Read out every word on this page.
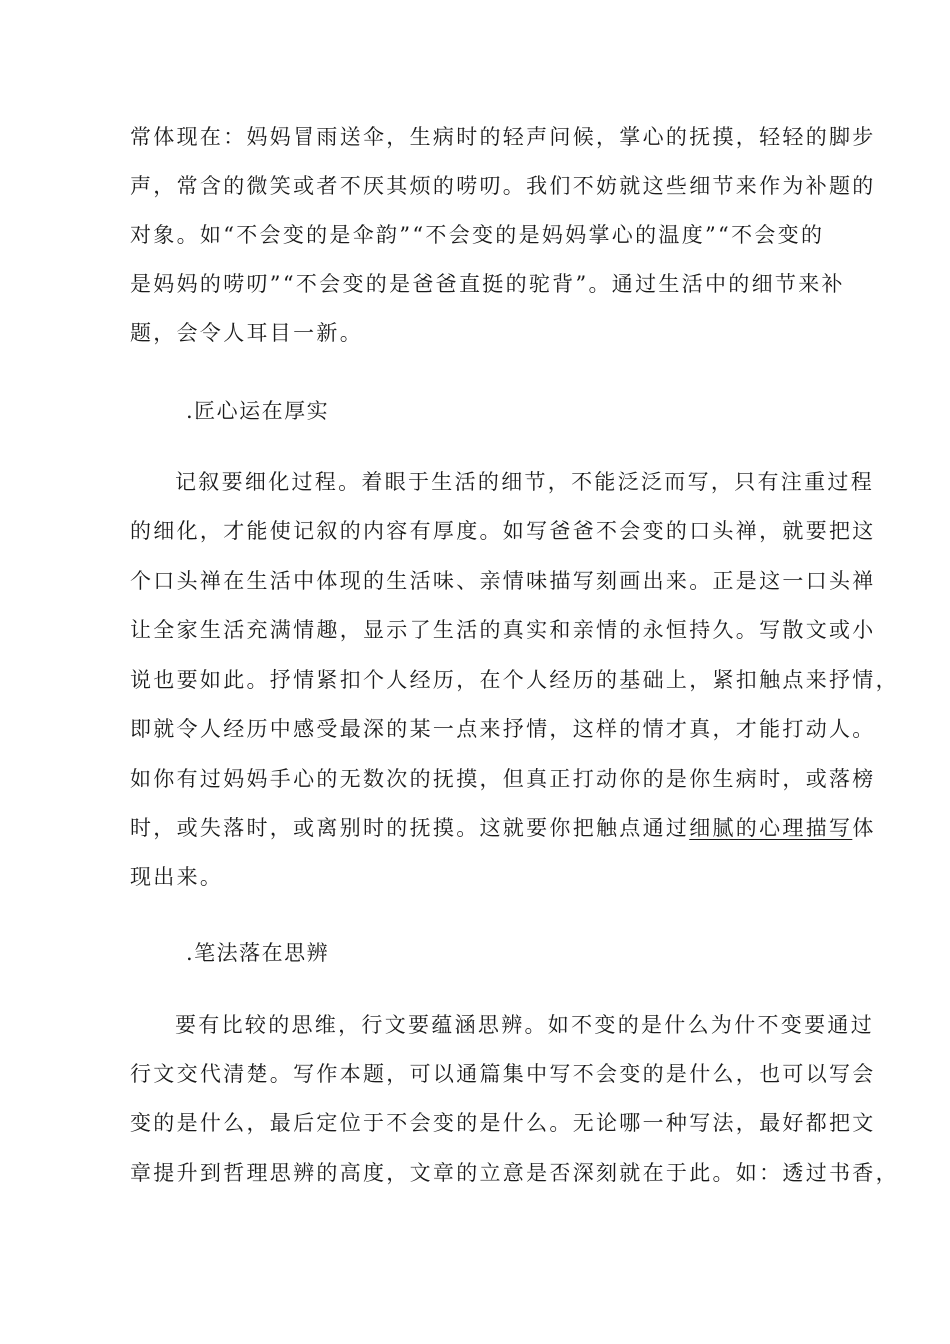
常体现在：妈妈冒雨送伞，生病时的轻声问候，掌心的抚摸，轻轻的脚步
声，常含的微笑或者不厌其烦的唠叨。我们不妨就这些细节来作为补题的
对象。如“不会变的是伞韵”“不会变的是妈妈掌心的温度”“不会变的
是妈妈的唠叨”“不会变的是爸爸直挺的驼背”。通过生活中的细节来补
题，会令人耳目一新。
.匠心运在厚实
记叙要细化过程。着眼于生活的细节，不能泛泛而写，只有注重过程
的细化，才能使记叙的内容有厚度。如写爸爸不会变的口头禅，就要把这
个口头禅在生活中体现的生活味、亲情味描写刻画出来。正是这一口头禅
让全家生活充满情趣，显示了生活的真实和亲情的永恒持久。写散文或小
说也要如此。抒情紧扣个人经历，在个人经历的基础上，紧扣触点来抒情，
即就令人经历中感受最深的某一点来抒情，这样的情才真，才能打动人。
如你有过妈妈手心的无数次的抚摸，但真正打动你的是你生病时，或落榜
时，或失落时，或离别时的抚摸。这就要你把触点通过细腻的心理描写体
现出来。
.笔法落在思辨
要有比较的思维，行文要蕴涵思辨。如不变的是什么为什不变要通过
行文交代清楚。写作本题，可以通篇集中写不会变的是什么，也可以写会
变的是什么，最后定位于不会变的是什么。无论哪一种写法，最好都把文
章提升到哲理思辨的高度，文章的立意是否深刻就在于此。如：透过书香，
